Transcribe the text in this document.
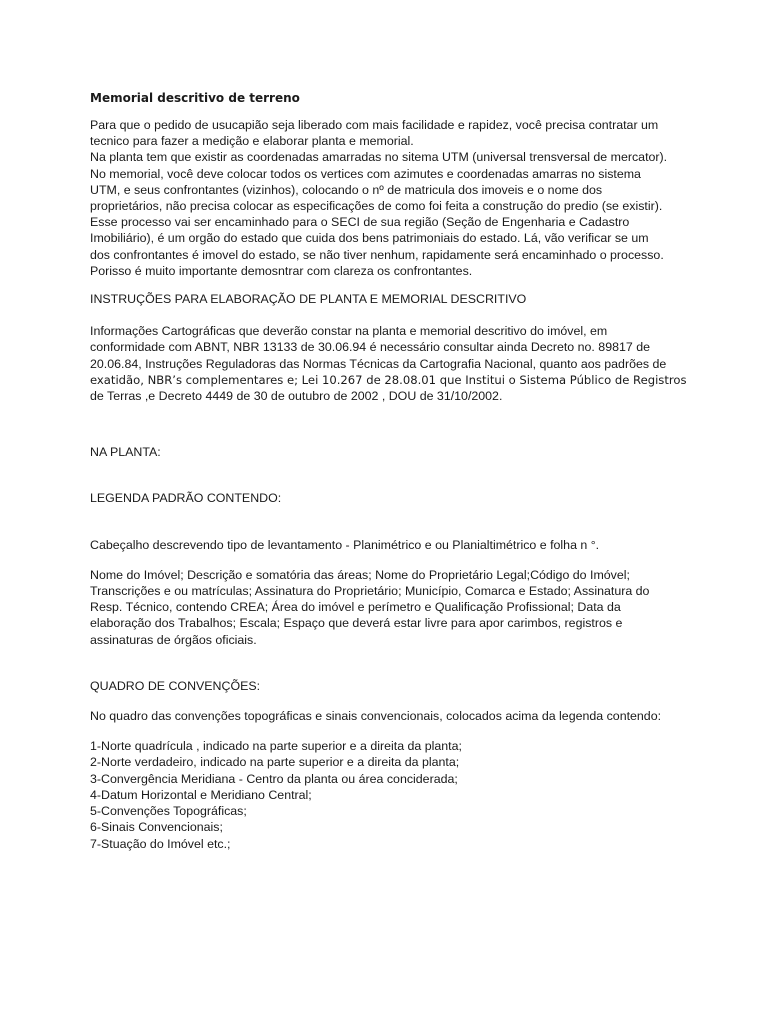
Memorial descritivo de terreno
Para que o pedido de usucapião seja liberado com mais facilidade e rapidez, você precisa contratar um
tecnico para fazer a medição e elaborar planta e memorial.
Na planta tem que existir as coordenadas amarradas no sitema UTM (universal trensversal de mercator).
No memorial, você deve colocar todos os vertices com azimutes e coordenadas amarras no sistema
UTM, e seus confrontantes (vizinhos), colocando o nº de matricula dos imoveis e o nome dos
proprietários, não precisa colocar as especificações de como foi feita a construção do predio (se existir).
Esse processo vai ser encaminhado para o SECI de sua região (Seção de Engenharia e Cadastro
Imobiliário), é um orgão do estado que cuida dos bens patrimoniais do estado. Lá, vão verificar se um
dos confrontantes é imovel do estado, se não tiver nenhum, rapidamente será encaminhado o processo.
Porisso é muito importante demosntrar com clareza os confrontantes.
INSTRUÇÕES PARA ELABORAÇÃO DE PLANTA E MEMORIAL DESCRITIVO
Informações Cartográficas que deverão constar na planta e memorial descritivo do imóvel, em
conformidade com ABNT, NBR 13133 de 30.06.94 é necessário consultar ainda Decreto no. 89817 de
20.06.84, Instruções Reguladoras das Normas Técnicas da Cartografia Nacional, quanto aos padrões de
exatidão, NBR’s complementares e; Lei 10.267 de 28.08.01 que Institui o Sistema Público de Registros
de Terras ,e Decreto 4449 de 30 de outubro de 2002 , DOU de 31/10/2002.
NA PLANTA:
LEGENDA PADRÃO CONTENDO:
Cabeçalho descrevendo tipo de levantamento - Planimétrico e ou Planialtimétrico e folha n °.
Nome do Imóvel; Descrição e somatória das áreas; Nome do Proprietário Legal;Código do Imóvel;
Transcrições e ou matrículas; Assinatura do Proprietário; Município, Comarca e Estado; Assinatura do
Resp. Técnico, contendo CREA; Área do imóvel e perímetro e Qualificação Profissional; Data da
elaboração dos Trabalhos; Escala; Espaço que deverá estar livre para apor carimbos, registros e
assinaturas de órgãos oficiais.
QUADRO DE CONVENÇÕES:
No quadro das convenções topográficas e sinais convencionais, colocados acima da legenda contendo:
1-Norte quadrícula , indicado na parte superior e a direita da planta;
2-Norte verdadeiro, indicado na parte superior e a direita da planta;
3-Convergência Meridiana - Centro da planta ou área conciderada;
4-Datum Horizontal e Meridiano Central;
5-Convenções Topográficas;
6-Sinais Convencionais;
7-Stuação do Imóvel etc.;
